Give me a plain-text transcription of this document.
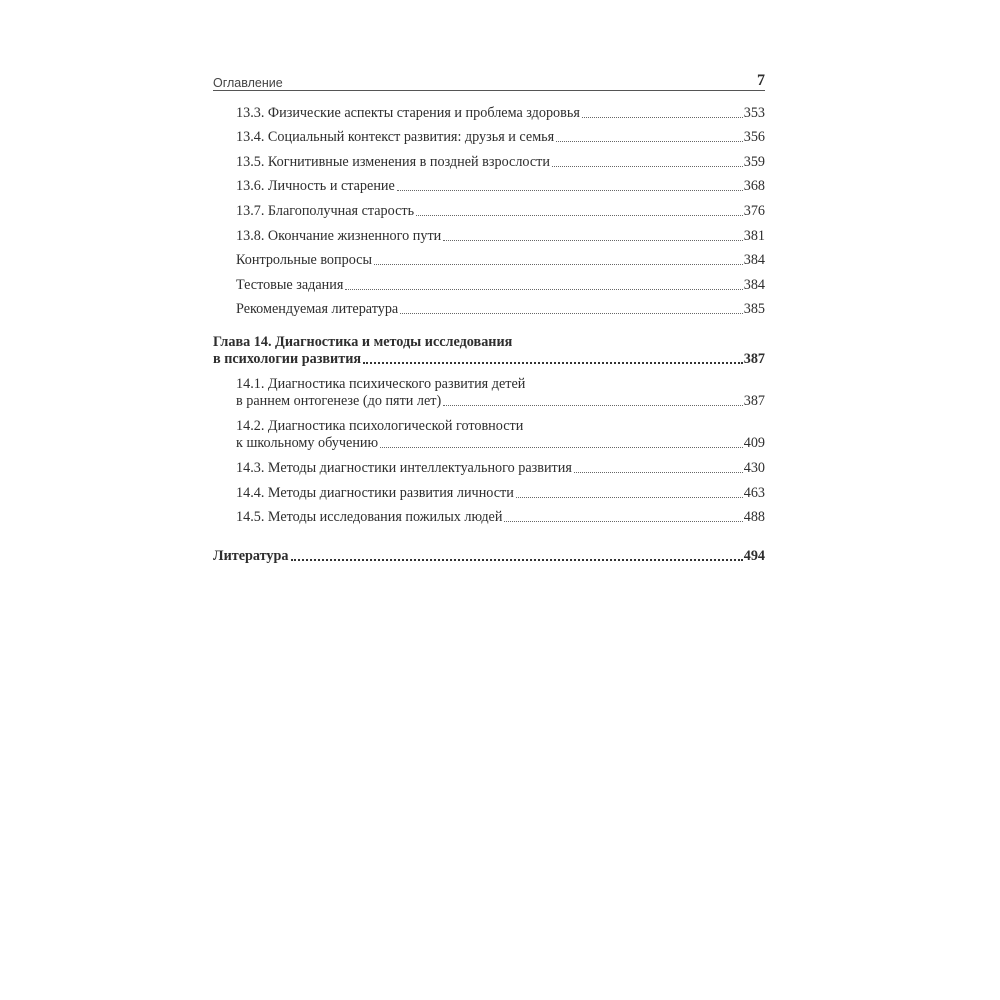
Оглавление	7
13.3. Физические аспекты старения и проблема здоровья	353
13.4. Социальный контекст развития: друзья и семья	356
13.5. Когнитивные изменения в поздней взрослости	359
13.6. Личность и старение	368
13.7. Благополучная старость	376
13.8. Окончание жизненного пути	381
Контрольные вопросы	384
Тестовые задания	384
Рекомендуемая литература	385
Глава 14. Диагностика и методы исследования
в психологии развития	387
14.1. Диагностика психического развития детей
в раннем онтогенезе (до пяти лет)	387
14.2. Диагностика психологической готовности
к школьному обучению	409
14.3. Методы диагностики интеллектуального развития	430
14.4. Методы диагностики развития личности	463
14.5. Методы исследования пожилых людей	488
Литература	494
